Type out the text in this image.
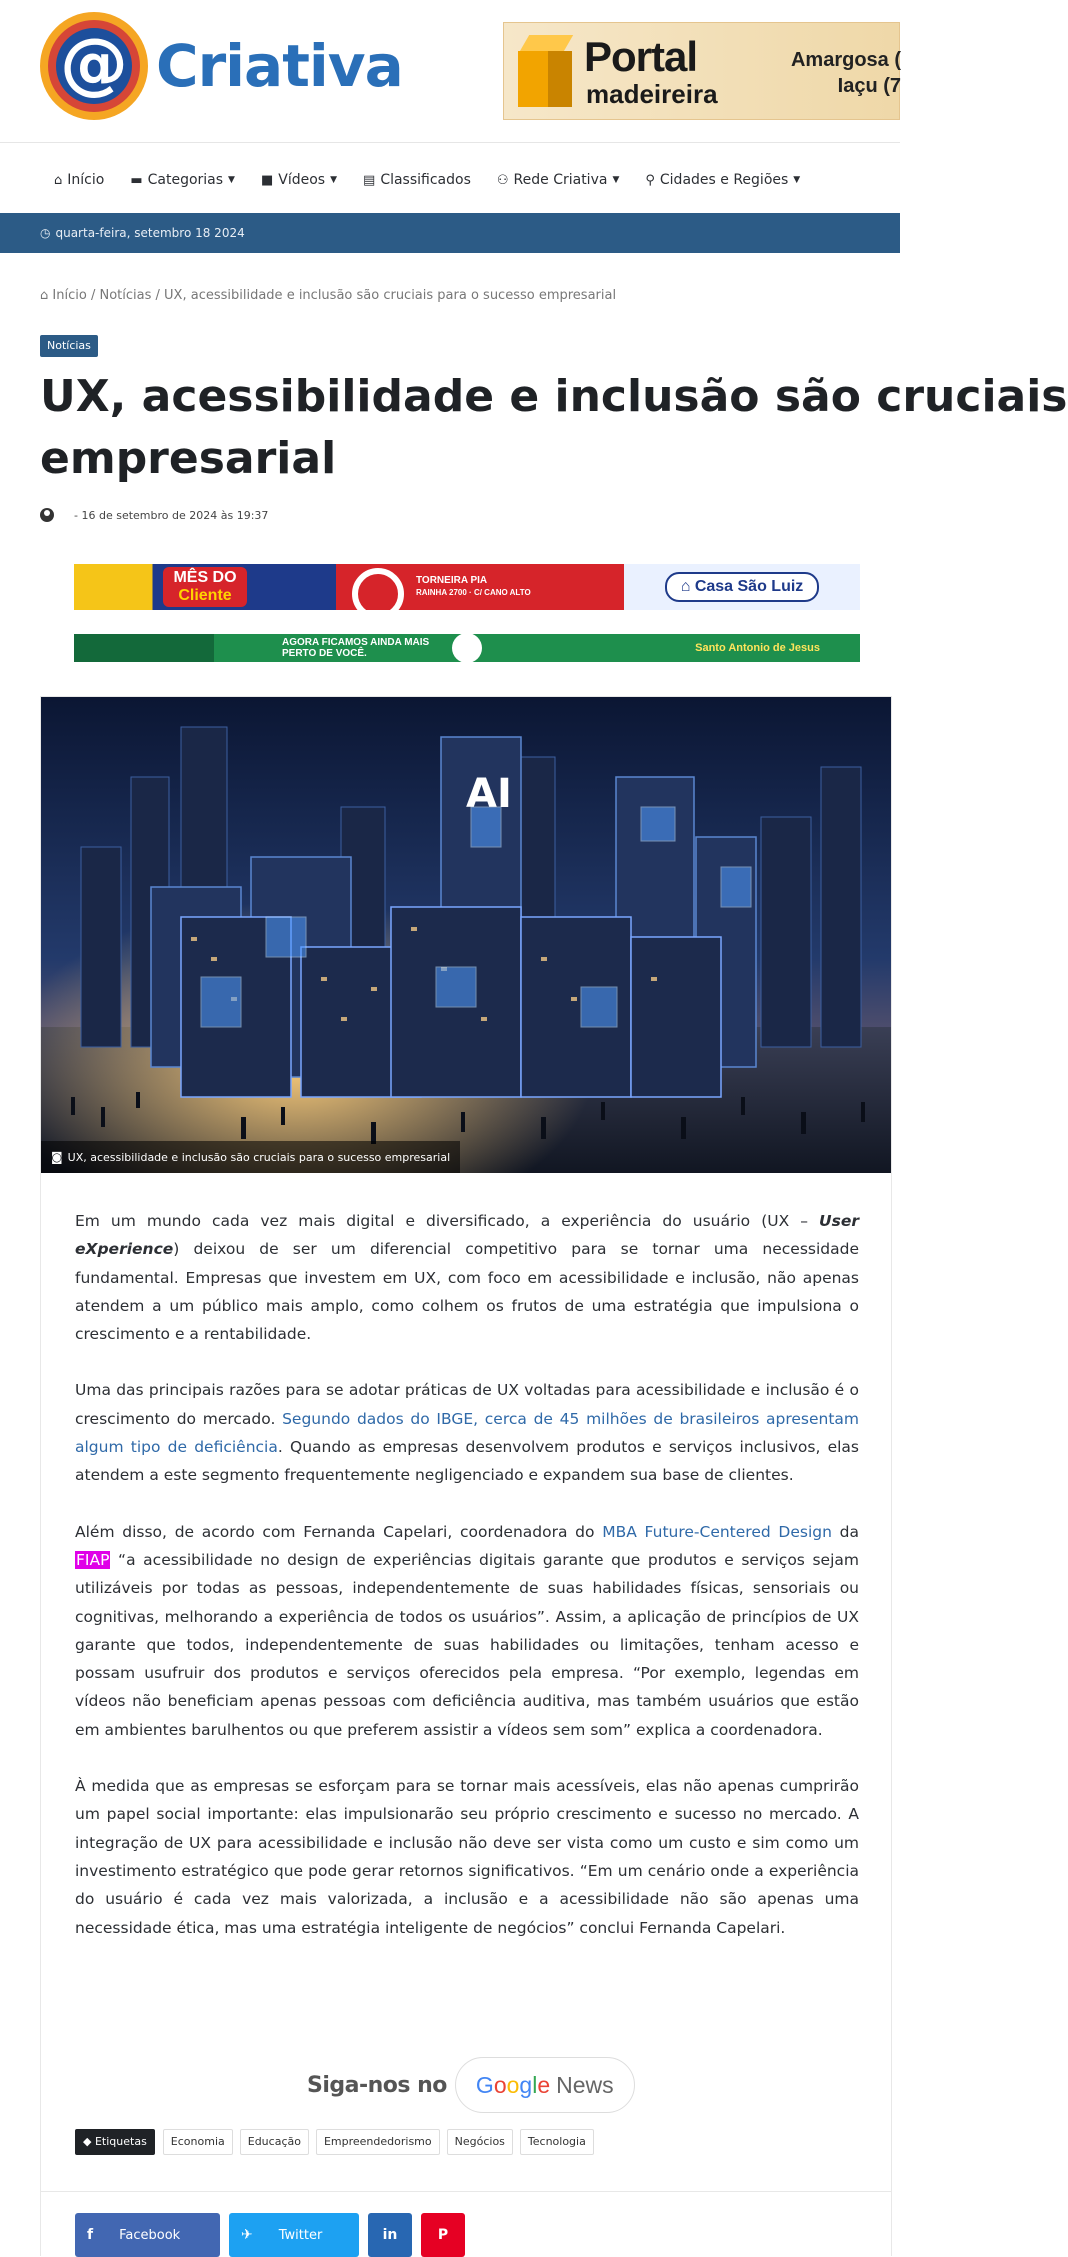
@ Criativa	Portal
madeireira
Amargosa (
Iaçu (7
⌂ Início ▬ Categorias ▼ ■ Vídeos ▼ ▤ Classificados ⚇ Rede Criativa ▼ ⚲ Cidades e Regiões ▼
◷ quarta-feira, setembro 18 2024
⌂ Início / Notícias / UX, acessibilidade e inclusão são cruciais para o sucesso empresarial
Notícias
UX, acessibilidade e inclusão são cruciais
empresarial
- 16 de setembro de 2024 às 19:37
MÊS DO
Cliente
TORNEIRA PIA
RAINHA 2700 · C/ CANO ALTO	⌂ Casa São Luiz
AGORA FICAMOS AINDA MAIS PERTO DE VOCÊ.	Santo Antonio de Jesus
AI
◙ UX, acessibilidade e inclusão são cruciais para o sucesso empresarial

Em um mundo cada vez mais digital e diversificado, a experiência do usuário (UX – User eXperience) deixou de ser um diferencial competitivo para se tornar uma necessidade fundamental. Empresas que investem em UX, com foco em acessibilidade e inclusão, não apenas atendem a um público mais amplo, como colhem os frutos de uma estratégia que impulsiona o crescimento e a rentabilidade.

Uma das principais razões para se adotar práticas de UX voltadas para acessibilidade e inclusão é o crescimento do mercado. Segundo dados do IBGE, cerca de 45 milhões de brasileiros apresentam algum tipo de deficiência. Quando as empresas desenvolvem produtos e serviços inclusivos, elas atendem a este segmento frequentemente negligenciado e expandem sua base de clientes.

Além disso, de acordo com Fernanda Capelari, coordenadora do MBA Future-Centered Design da FIAP “a acessibilidade no design de experiências digitais garante que produtos e serviços sejam utilizáveis por todas as pessoas, independentemente de suas habilidades físicas, sensoriais ou cognitivas, melhorando a experiência de todos os usuários”. Assim, a aplicação de princípios de UX garante que todos, independentemente de suas habilidades ou limitações, tenham acesso e possam usufruir dos produtos e serviços oferecidos pela empresa. “Por exemplo, legendas em vídeos não beneficiam apenas pessoas com deficiência auditiva, mas também usuários que estão em ambientes barulhentos ou que preferem assistir a vídeos sem som” explica a coordenadora.

À medida que as empresas se esforçam para se tornar mais acessíveis, elas não apenas cumprirão um papel social importante: elas impulsionarão seu próprio crescimento e sucesso no mercado. A integração de UX para acessibilidade e inclusão não deve ser vista como um custo e sim como um investimento estratégico que pode gerar retornos significativos. “Em um cenário onde a experiência do usuário é cada vez mais valorizada, a inclusão e a acessibilidade não são apenas uma necessidade ética, mas uma estratégia inteligente de negócios” conclui Fernanda Capelari.

Siga-nos no G o o g l e News
◆ Etiquetas	Economia	Educação	Empreendedorismo	Negócios	Tecnologia
f Facebook	✈ Twitter	in	P
